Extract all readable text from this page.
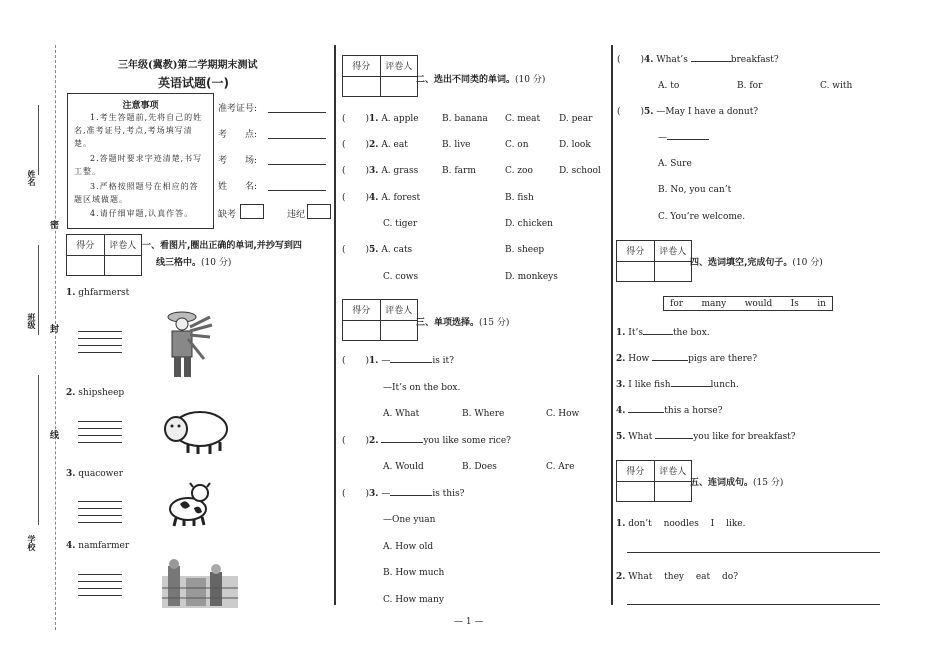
姓名
班级
学校
密
封
线
三年级(冀教)第二学期期末测试
英语试题(一)
注意事项
1.考生答题前,先将自己的姓名,准考证号,考点,考场填写清楚。
2.答题时要求字迹清楚,书写工整。
3.严格按照题号在相应的答题区域做题。
4.请仔细审题,认真作答。
准考证号:
考　　点:
考　　场:
姓　　名:
缺考	违纪
得分	评卷人 一、看图片,圈出正确的单词,并抄写到四
线三格中。(10 分)
1. ghfarmerst
2. shipsheep
3. quacower
4. namfarmer
得分	评卷人
二、选出不同类的单词。(10 分)
( )1. A. apple	B. banana C. meat D. pear
( )2. A. eat	B. live	C. on	D. look
( )3. A. grass	B. farm	C. zoo	D. school
( )4. A. forest	B. fish
C. tiger	D. chicken
( )5. A. cats	B. sheep
C. cows	D. monkeys
得分	评卷人
三、单项选择。(15 分)
( )1. —	is it?
—It’s on the box.
A. What	B. Where	C. How
( )2.	you like some rice?
A. Would	B. Does	C. Are
( )3. —	is this?
—One yuan
A. How old
B. How much
C. How many
( )4. What’s	breakfast?
A. to	B. for	C. with
( )5. —May I have a donut?
—
A. Sure
B. No, you can’t
C. You’re welcome.
得分	评卷人
四、选词填空,完成句子。(10 分)
for many would Is in
1. It’s	the box.
2. How	pigs are there?
3. I like fish	lunch.
4.	this a horse?
5. What	you like for breakfast?
得分	评卷人
五、连词成句。(15 分)
1. don’t　 noodles　 I　 like.
2. What　 they　 eat　 do?
— 1 —
